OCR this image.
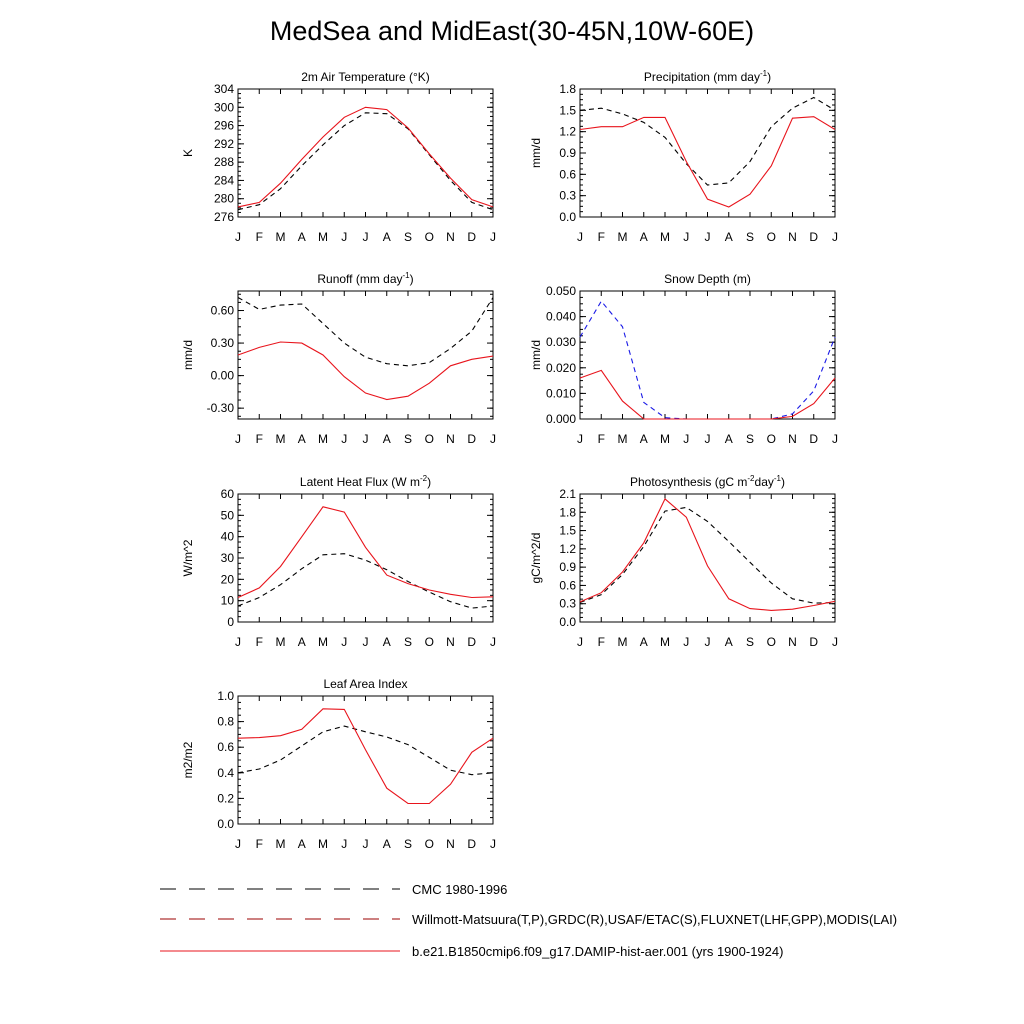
MedSea and MidEast(30-45N,10W-60E)
2m Air Temperature (°K)
J F M A M J J A S O N D J
276
280
284
288
292
296
300
304
K
Precipitation (mm day$^{-1}$)
J F M A M J J A S O N D J
0.0
0.3
0.6
0.9
1.2
1.5
1.8
mm/d
Runoff (mm day$^{-1}$)
J F M A M J J A S O N D J
-0.30
0.00
0.30
0.60
mm/d
Snow Depth (m)
J F M A M J J A S O N D J
0.000
0.010
0.020
0.030
0.040
0.050
mm/d
Latent Heat Flux (W $m^{-2}$)
J F M A M J J A S O N D J
0
10
20
30
40
50
60
W/m^2
Photosynthesis (gC $m^{-2}day^{-1}$)
J F M A M J J A S O N D J
0.0
0.3
0.6
0.9
1.2
1.5
1.8
2.1
gC/m^2/d
Leaf Area Index
J F M A M J J A S O N D J
0.0
0.2
0.4
0.6
0.8
1.0
m2/m2
CMC 1980-1996
Willmott-Matsuura(T,P),GRDC(R),USAF/ETAC(S),FLUXNET(LHF,GPP),MODIS(LAI)
b.e21.B1850cmip6.f09_g17.DAMIP-hist-aer.001 (yrs 1900-1924)
